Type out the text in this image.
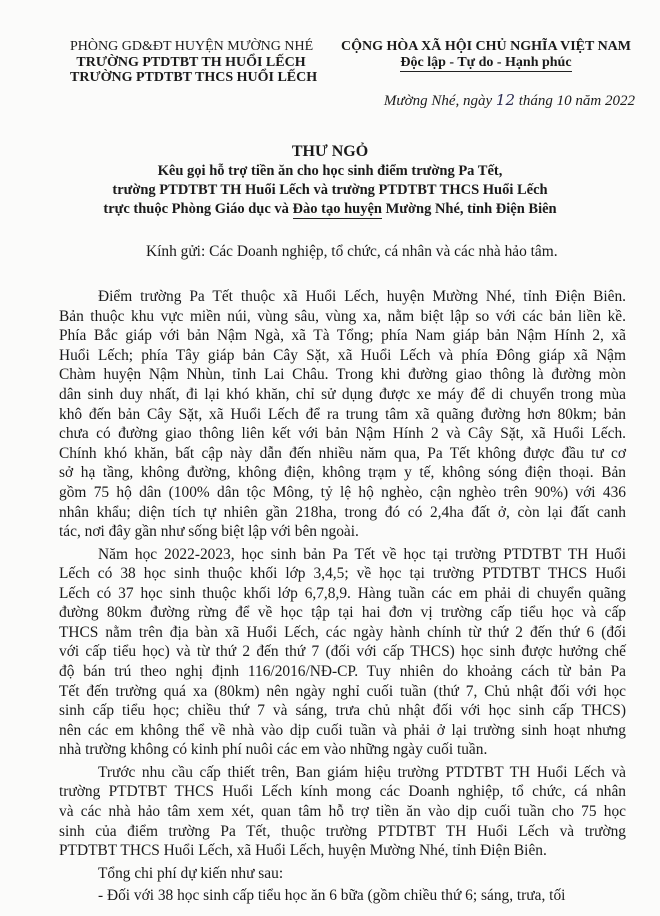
PHÒNG GD&ĐT HUYỆN MƯỜNG NHÉ
TRƯỜNG PTDTBT TH HUỔI LẾCH
TRƯỜNG PTDTBT THCS HUỔI LẾCH
CỘNG HÒA XÃ HỘI CHỦ NGHĨA VIỆT NAM
Độc lập - Tự do - Hạnh phúc
Mường Nhé, ngày 12 tháng 10 năm 2022
THƯ NGỎ
Kêu gọi hỗ trợ tiền ăn cho học sinh điểm trường Pa Tết,
trường PTDTBT TH Huổi Lếch và trường PTDTBT THCS Huổi Lếch
trực thuộc Phòng Giáo dục và Đào tạo huyện Mường Nhé, tỉnh Điện Biên
Kính gửi: Các Doanh nghiệp, tổ chức, cá nhân và các nhà hảo tâm.
Điểm trường Pa Tết thuộc xã Huổi Lếch, huyện Mường Nhé, tỉnh Điện Biên.
Bản thuộc khu vực miền núi, vùng sâu, vùng xa, nằm biệt lập so với các bản liền kề.
Phía Bắc giáp với bản Nậm Ngà, xã Tà Tổng; phía Nam giáp bản Nậm Hính 2, xã
Huổi Lếch; phía Tây giáp bản Cây Sặt, xã Huổi Lếch và phía Đông giáp xã Nậm
Chàm huyện Nậm Nhùn, tỉnh Lai Châu. Trong khi đường giao thông là đường mòn
dân sinh duy nhất, đi lại khó khăn, chỉ sử dụng được xe máy để di chuyển trong mùa
khô đến bản Cây Sặt, xã Huổi Lếch để ra trung tâm xã quãng đường hơn 80km; bản
chưa có đường giao thông liên kết với bản Nậm Hính 2 và Cây Sặt, xã Huổi Lếch.
Chính khó khăn, bất cập này dẫn đến nhiều năm qua, Pa Tết không được đầu tư cơ
sở hạ tầng, không đường, không điện, không trạm y tế, không sóng điện thoại. Bản
gồm 75 hộ dân (100% dân tộc Mông, tỷ lệ hộ nghèo, cận nghèo trên 90%) với 436
nhân khẩu; diện tích tự nhiên gần 218ha, trong đó có 2,4ha đất ở, còn lại đất canh
tác, nơi đây gần như sống biệt lập với bên ngoài.
Năm học 2022-2023, học sinh bản Pa Tết về học tại trường PTDTBT TH Huổi
Lếch có 38 học sinh thuộc khối lớp 3,4,5; về học tại trường PTDTBT THCS Huổi
Lếch có 37 học sinh thuộc khối lớp 6,7,8,9. Hàng tuần các em phải di chuyển quãng
đường 80km đường rừng để về học tập tại hai đơn vị trường cấp tiểu học và cấp
THCS nằm trên địa bàn xã Huổi Lếch, các ngày hành chính từ thứ 2 đến thứ 6 (đối
với cấp tiểu học) và từ thứ 2 đến thứ 7 (đối với cấp THCS) học sinh được hưởng chế
độ bán trú theo nghị định 116/2016/NĐ-CP. Tuy nhiên do khoảng cách từ bản Pa
Tết đến trường quá xa (80km) nên ngày nghỉ cuối tuần (thứ 7, Chủ nhật đối với học
sinh cấp tiểu học; chiều thứ 7 và sáng, trưa chủ nhật đối với học sinh cấp THCS)
nên các em không thể về nhà vào dịp cuối tuần và phải ở lại trường sinh hoạt nhưng
nhà trường không có kinh phí nuôi các em vào những ngày cuối tuần.
Trước nhu cầu cấp thiết trên, Ban giám hiệu trường PTDTBT TH Huổi Lếch và
trường PTDTBT THCS Huổi Lếch kính mong các Doanh nghiệp, tổ chức, cá nhân
và các nhà hảo tâm xem xét, quan tâm hỗ trợ tiền ăn vào dịp cuối tuần cho 75 học
sinh của điểm trường Pa Tết, thuộc trường PTDTBT TH Huổi Lếch và trường
PTDTBT THCS Huổi Lếch, xã Huổi Lếch, huyện Mường Nhé, tỉnh Điện Biên.
Tổng chi phí dự kiến như sau:
- Đối với 38 học sinh cấp tiểu học ăn 6 bữa (gồm chiều thứ 6; sáng, trưa, tối
